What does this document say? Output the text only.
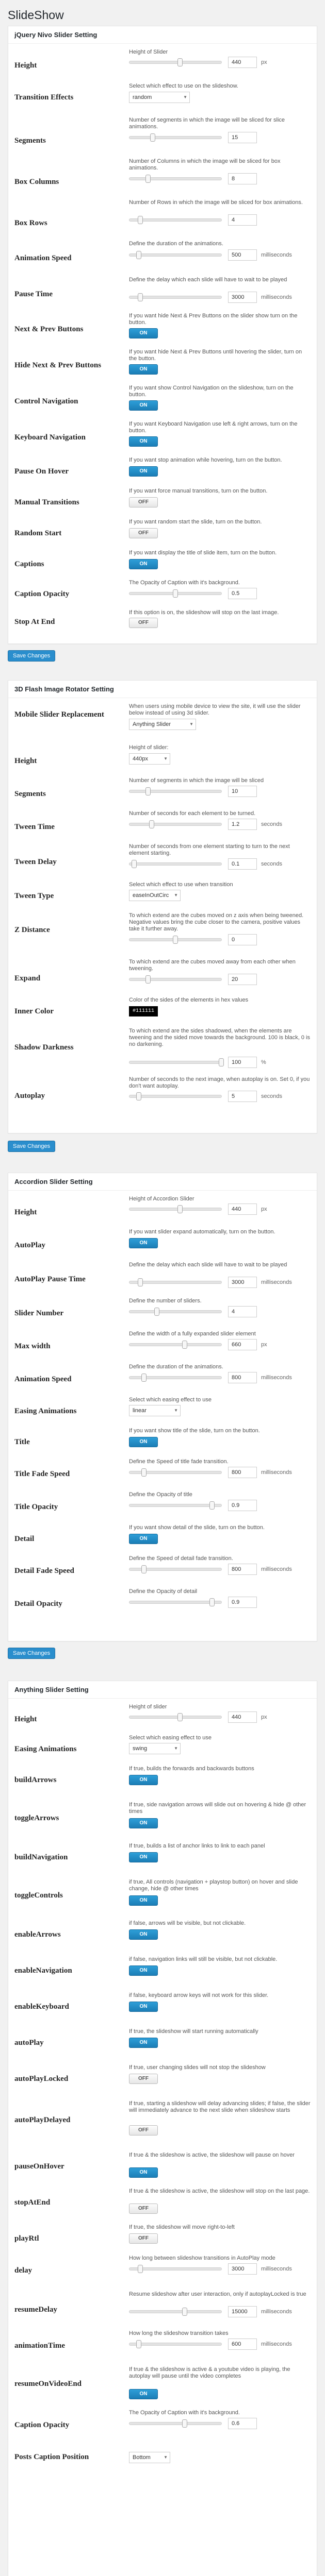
SlideShow
jQuery Nivo Slider Setting
Height
Height of Slider
440	px
Transition Effects
Select which effect to use on the slideshow.
random	▼
Segments
Number of segments in which the image will be sliced for slice animations.
15
Box Columns
Number of Columns in which the image will be sliced for box animations.
8
Box Rows
Number of Rows in which the image will be sliced for box animations.
4
Animation Speed
Define the duration of the animations.
500	milliseconds
Pause Time
Define the delay which each slide will have to wait to be played
3000	milliseconds
Next & Prev Buttons
If you want hide Next & Prev Buttons on the slider show turn on the button.
ON
Hide Next & Prev Buttons
If you want hide Next & Prev Buttons until hovering the slider, turn on the button.
ON
Control Navigation
If you want show Control Navigation on the slideshow, turn on the button.
ON
Keyboard Navigation
If you want Keyboard Navigation use left & right arrows, turn on the button.
ON
Pause On Hover
If you want stop animation while hovering, turn on the button.
ON
Manual Transitions
If you want force manual transitions, turn on the button.
OFF
Random Start
If you want random start the slide, turn on the button.
OFF
Captions
If you want display the title of slide item, turn on the button.
ON
Caption Opacity
The Opacity of Caption with it's background.
0.5
Stop At End
If this option is on, the slideshow will stop on the last image.
OFF
Save Changes
3D Flash Image Rotator Setting
Mobile Slider Replacement
When users using mobile device to view the site, it will use the slider below instead of using 3d slider.
Anything Slider	▼
Height
Height of slider:
440px	▼
Segments
Number of segments in which the image will be sliced
10
Tween Time
Number of seconds for each element to be turned.
1.2	seconds
Tween Delay
Number of seconds from one element starting to turn to the next element starting.
0.1	seconds
Tween Type
Select which effect to use when transition
easeInOutCirc ▼
Z Distance
To which extend are the cubes moved on z axis when being tweened. Negative values bring the cube closer to the camera, positive values take it further away.
0
Expand
To which extend are the cubes moved away from each other when tweening.
20
Inner Color
Color of the sides of the elements in hex values
#111111
Shadow Darkness
To which extend are the sides shadowed, when the elements are tweening and the sided move towards the background. 100 is black, 0 is no darkening.
100	%
Autoplay
Number of seconds to the next image, when autoplay is on. Set 0, if you don't want autoplay.
5	seconds
Save Changes
Accordion Slider Setting
Height
Height of Accordion Slider
440	px
AutoPlay
If you want slider expand automatically, turn on the button.
ON
AutoPlay Pause Time
Define the delay which each slide will have to wait to be played
3000	milliseconds
Slider Number
Define the number of sliders.
4
Max width
Define the width of a fully expanded slider element
660	px
Animation Speed
Define the duration of the animations.
800	milliseconds
Easing Animations
Select which easing effect to use
linear	▼
Title
If you want show title of the slide, turn on the button.
ON
Title Fade Speed
Define the Speed of title fade transition.
800	milliseconds
Title Opacity
Define the Opacity of title
0.9
Detail
If you want show detail of the slide, turn on the button.
ON
Detail Fade Speed
Define the Speed of detail fade transition.
800	milliseconds
Detail Opacity
Define the Opacity of detail
0.9
Save Changes
Anything Slider Setting
Height
Height of slider
440	px
Easing Animations
Select which easing effect to use
swing	▼
buildArrows
If true, builds the forwards and backwards buttons
ON
toggleArrows
If true, side navigation arrows will slide out on hovering & hide @ other times
ON
buildNavigation
If true, builds a list of anchor links to link to each panel
ON
toggleControls
if true, All controls (navigation + playstop button) on hover and slide change, hide @ other times
ON
enableArrows
if false, arrows will be visible, but not clickable.
ON
enableNavigation
if false, navigation links will still be visible, but not clickable.
ON
enableKeyboard
if false, keyboard arrow keys will not work for this slider.
ON
autoPlay
If true, the slideshow will start running automatically
ON
autoPlayLocked
If true, user changing slides will not stop the slideshow
OFF
autoPlayDelayed
If true, starting a slideshow will delay advancing slides; if false, the slider will immediately advance to the next slide when slideshow starts
OFF
pauseOnHover
If true & the slideshow is active, the slideshow will pause on hover
ON
stopAtEnd
If true & the slideshow is active, the slideshow will stop on the last page.
OFF
playRtl
If true, the slideshow will move right-to-left
OFF
delay
How long between slideshow transitions in AutoPlay mode
3000	milliseconds
resumeDelay
Resume slideshow after user interaction, only if autoplayLocked is true
15000	milliseconds
animationTime
How long the slideshow transition takes
600	milliseconds
resumeOnVideoEnd
If true & the slideshow is active & a youtube video is playing, the autoplay will pause until the video completes
ON
Caption Opacity
The Opacity of Caption with it's background.
0.6
Posts Caption Position	Bottom	▼
